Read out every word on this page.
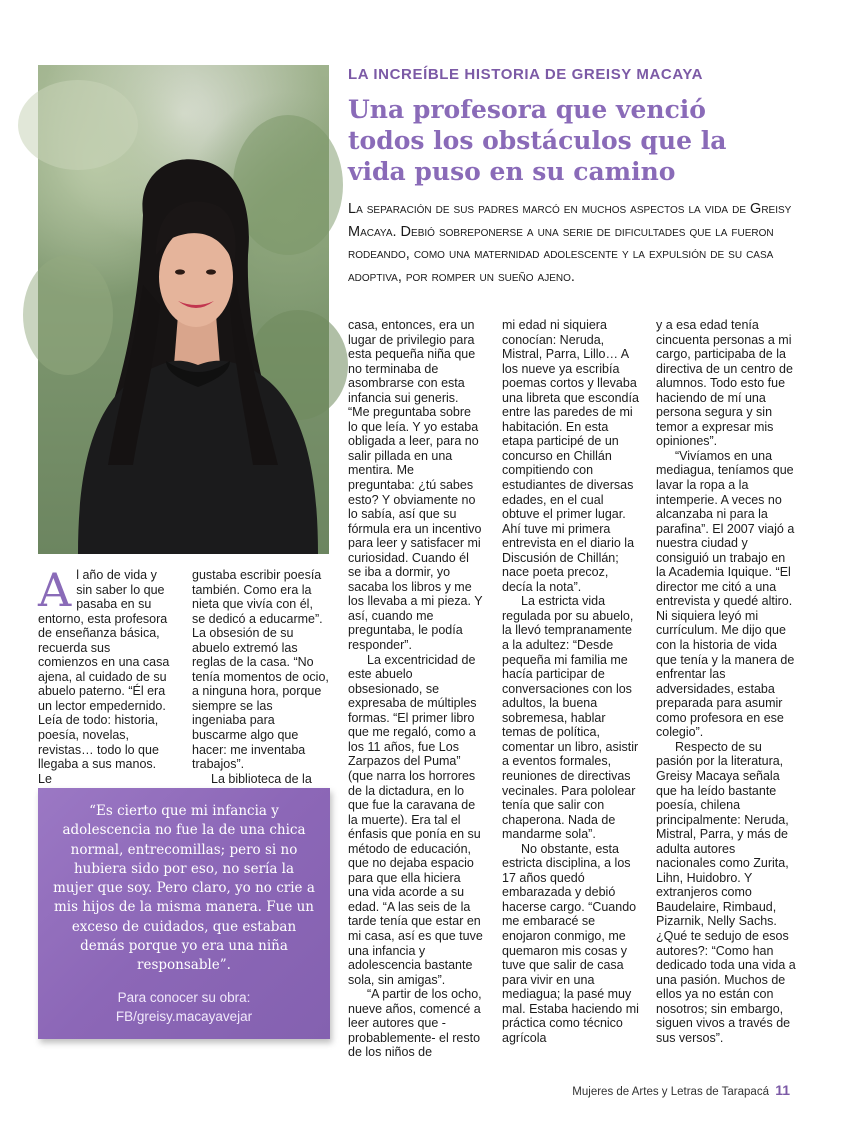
LA INCREÍBLE HISTORIA DE GREISY MACAYA
Una profesora que venció todos los obstáculos que la vida puso en su camino

La separación de sus padres marcó en muchos aspectos la vida de Greisy Macaya. Debió sobreponerse a una serie de dificultades que la fueron rodeando, como una maternidad adolescente y la expulsión de su casa adoptiva, por romper un sueño ajeno.

Al año de vida y sin saber lo que pasaba en su entorno, esta profesora de enseñanza básica, recuerda sus comienzos en una casa ajena, al cuidado de su abuelo paterno. “Él era un lector empedernido. Leía de todo: historia, poesía, novelas, revistas… todo lo que llegaba a sus manos. Le

gustaba escribir poesía también. Como era la nieta que vivía con él, se dedicó a educarme”. La obsesión de su abuelo extremó las reglas de la casa. “No tenía momentos de ocio, a ninguna hora, porque siempre se las ingeniaba para buscarme algo que hacer: me inventaba trabajos”.

La biblioteca de la

casa, entonces, era un lugar de privilegio para esta pequeña niña que no terminaba de asombrarse con esta infancia sui generis. “Me preguntaba sobre lo que leía. Y yo estaba obligada a leer, para no salir pillada en una mentira. Me preguntaba: ¿tú sabes esto? Y obviamente no lo sabía, así que su fórmula era un incentivo para leer y satisfacer mi curiosidad. Cuando él se iba a dormir, yo sacaba los libros y me los llevaba a mi pieza. Y así, cuando me preguntaba, le podía responder”.

La excentricidad de este abuelo obsesionado, se expresaba de múltiples formas. “El primer libro que me regaló, como a los 11 años, fue Los Zarpazos del Puma” (que narra los horrores de la dictadura, en lo que fue la caravana de la muerte). Era tal el énfasis que ponía en su método de educación, que no dejaba espacio para que ella hiciera una vida acorde a su edad. “A las seis de la tarde tenía que estar en mi casa, así es que tuve una infancia y adolescencia bastante sola, sin amigas”.

“A partir de los ocho, nueve años, comencé a leer autores que -probablemente- el resto de los niños de

mi edad ni siquiera conocían: Neruda, Mistral, Parra, Lillo… A los nueve ya escribía poemas cortos y llevaba una libreta que escondía entre las paredes de mi habitación. En esta etapa participé de un concurso en Chillán compitiendo con estudiantes de diversas edades, en el cual obtuve el primer lugar. Ahí tuve mi primera entrevista en el diario la Discusión de Chillán; nace poeta precoz, decía la nota”.

La estricta vida regulada por su abuelo, la llevó tempranamente a la adultez: “Desde pequeña mi familia me hacía participar de conversaciones con los adultos, la buena sobremesa, hablar temas de política, comentar un libro, asistir a eventos formales, reuniones de directivas vecinales. Para pololear tenía que salir con chaperona. Nada de mandarme sola”.

No obstante, esta estricta disciplina, a los 17 años quedó embarazada y debió hacerse cargo. “Cuando me embaracé se enojaron conmigo, me quemaron mis cosas y tuve que salir de casa para vivir en una mediagua; la pasé muy mal. Estaba haciendo mi práctica como técnico agrícola

y a esa edad tenía cincuenta personas a mi cargo, participaba de la directiva de un centro de alumnos. Todo esto fue haciendo de mí una persona segura y sin temor a expresar mis opiniones”.

“Vivíamos en una mediagua, teníamos que lavar la ropa a la intemperie. A veces no alcanzaba ni para la parafina”. El 2007 viajó a nuestra ciudad y consiguió un trabajo en la Academia Iquique. “El director me citó a una entrevista y quedé altiro. Ni siquiera leyó mi currículum. Me dijo que con la historia de vida que tenía y la manera de enfrentar las adversidades, estaba preparada para asumir como profesora en ese colegio”.

Respecto de su pasión por la literatura, Greisy Macaya señala que ha leído bastante poesía, chilena principalmente: Neruda, Mistral, Parra, y más de adulta autores nacionales como Zurita, Lihn, Huidobro. Y extranjeros como Baudelaire, Rimbaud, Pizarnik, Nelly Sachs. ¿Qué te sedujo de esos autores?: “Como han dedicado toda una vida a una pasión. Muchos de ellos ya no están con nosotros; sin embargo, siguen vivos a través de sus versos”.

“Es cierto que mi infancia y adolescencia no fue la de una chica normal, entrecomillas; pero si no hubiera sido por eso, no sería la mujer que soy. Pero claro, yo no crie a mis hijos de la misma manera. Fue un exceso de cuidados, que estaban demás porque yo era una niña responsable”.

Para conocer su obra:
FB/greisy.macayavejar
Mujeres de Artes y Letras de Tarapacá 11
